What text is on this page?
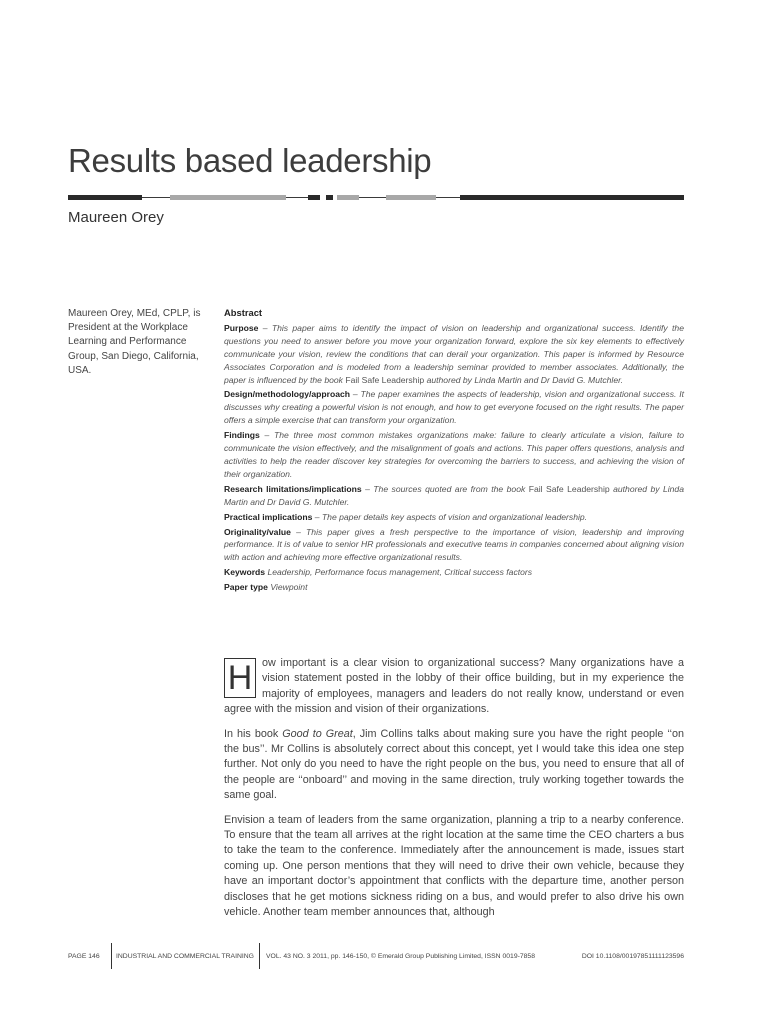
Results based leadership
Maureen Orey
Maureen Orey, MEd, CPLP, is President at the Workplace Learning and Performance Group, San Diego, California, USA.
Abstract

Purpose – This paper aims to identify the impact of vision on leadership and organizational success. Identify the questions you need to answer before you move your organization forward, explore the six key elements to effectively communicate your vision, review the conditions that can derail your organization. This paper is informed by Resource Associates Corporation and is modeled from a leadership seminar provided to member associates. Additionally, the paper is influenced by the book Fail Safe Leadership authored by Linda Martin and Dr David G. Mutchler.

Design/methodology/approach – The paper examines the aspects of leadership, vision and organizational success. It discusses why creating a powerful vision is not enough, and how to get everyone focused on the right results. The paper offers a simple exercise that can transform your organization.

Findings – The three most common mistakes organizations make: failure to clearly articulate a vision, failure to communicate the vision effectively, and the misalignment of goals and actions. This paper offers questions, analysis and activities to help the reader discover key strategies for overcoming the barriers to success, and achieving the vision of their organization.

Research limitations/implications – The sources quoted are from the book Fail Safe Leadership authored by Linda Martin and Dr David G. Mutchler.

Practical implications – The paper details key aspects of vision and organizational leadership.

Originality/value – This paper gives a fresh perspective to the importance of vision, leadership and improving performance. It is of value to senior HR professionals and executive teams in companies concerned about aligning vision with action and achieving more effective organizational results.

Keywords Leadership, Performance focus management, Critical success factors

Paper type Viewpoint

H ow important is a clear vision to organizational success? Many organizations have a vision statement posted in the lobby of their office building, but in my experience the majority of employees, managers and leaders do not really know, understand or even agree with the mission and vision of their organizations.

In his book Good to Great, Jim Collins talks about making sure you have the right people ‘‘on the bus’’. Mr Collins is absolutely correct about this concept, yet I would take this idea one step further. Not only do you need to have the right people on the bus, you need to ensure that all of the people are ‘‘onboard’’ and moving in the same direction, truly working together towards the same goal.

Envision a team of leaders from the same organization, planning a trip to a nearby conference. To ensure that the team all arrives at the right location at the same time the CEO charters a bus to take the team to the conference. Immediately after the announcement is made, issues start coming up. One person mentions that they will need to drive their own vehicle, because they have an important doctor’s appointment that conflicts with the departure time, another person discloses that he get motions sickness riding on a bus, and would prefer to also drive his own vehicle. Another team member announces that, although

PAGE 146 INDUSTRIAL AND COMMERCIAL TRAINING VOL. 43 NO. 3 2011, pp. 146-150, © Emerald Group Publishing Limited, ISSN 0019-7858	DOI 10.1108/00197851111123596
